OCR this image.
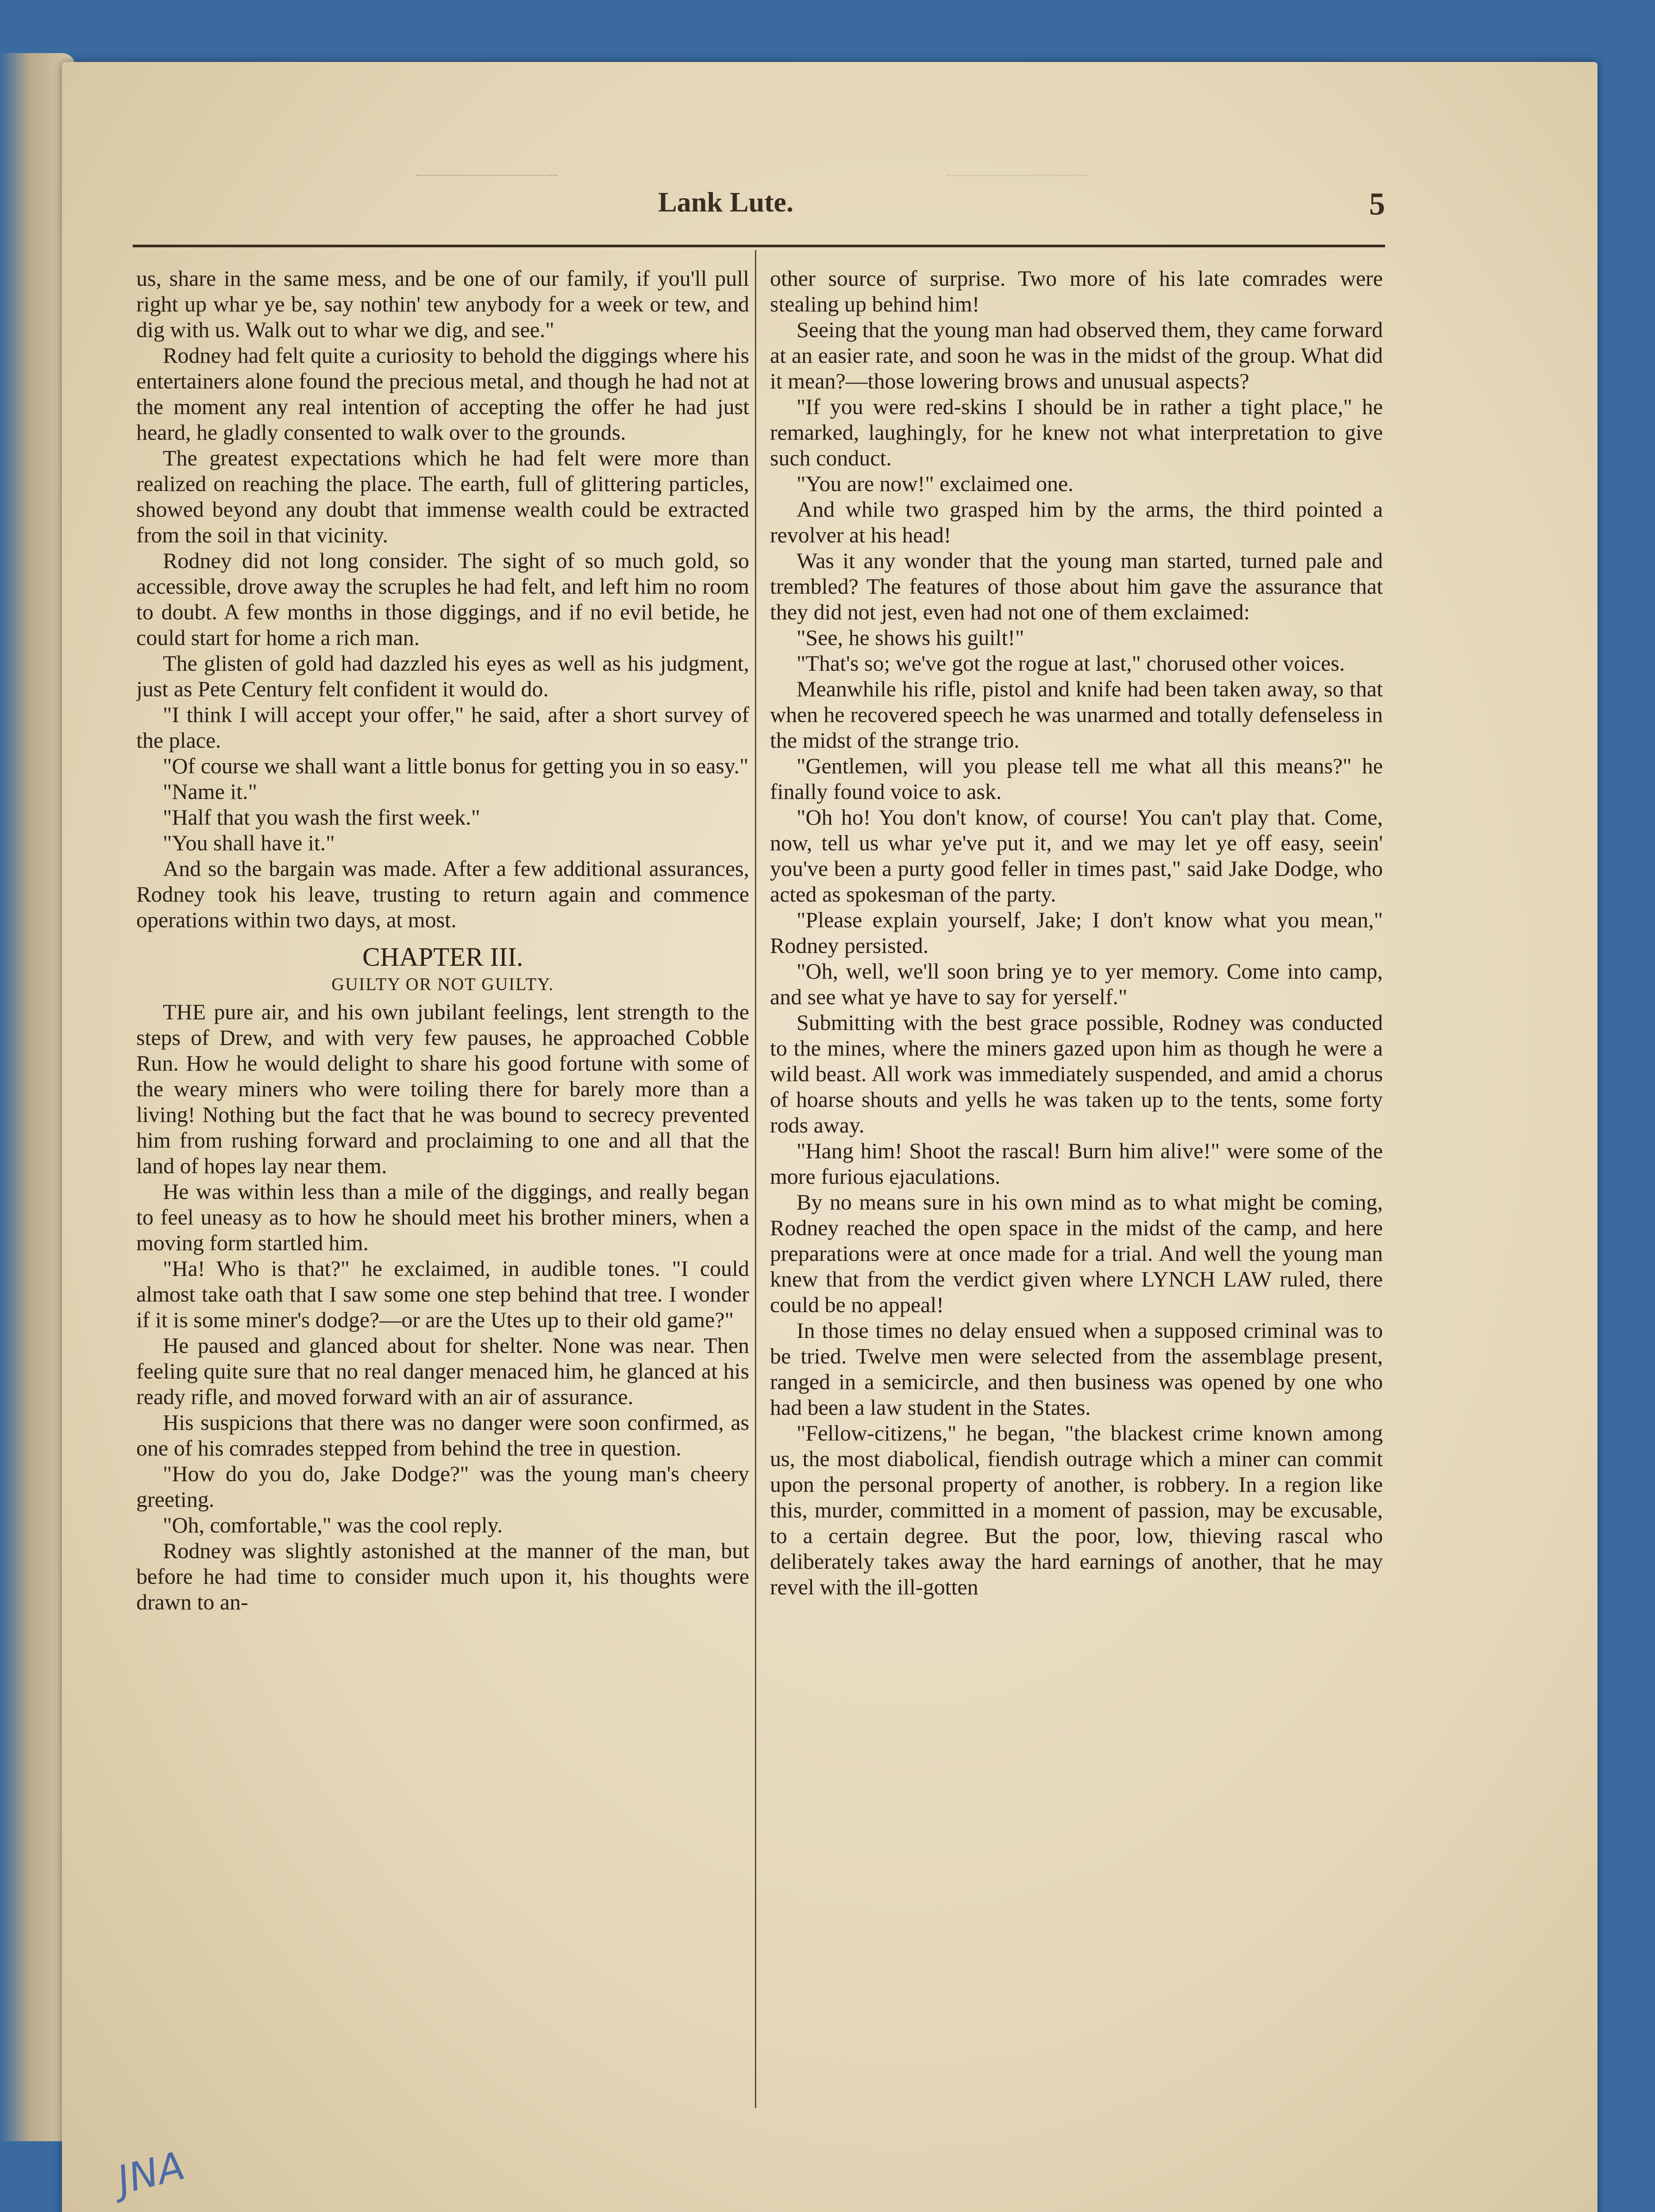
Lank Lute.	5

us, share in the same mess, and be one of our family, if you'll pull right up whar ye be, say nothin' tew anybody for a week or tew, and dig with us. Walk out to whar we dig, and see."

Rodney had felt quite a curiosity to behold the diggings where his entertainers alone found the precious metal, and though he had not at the moment any real intention of accepting the offer he had just heard, he gladly consented to walk over to the grounds.

The greatest expectations which he had felt were more than realized on reaching the place. The earth, full of glittering particles, showed beyond any doubt that immense wealth could be extracted from the soil in that vicinity.

Rodney did not long consider. The sight of so much gold, so accessible, drove away the scruples he had felt, and left him no room to doubt. A few months in those diggings, and if no evil betide, he could start for home a rich man.

The glisten of gold had dazzled his eyes as well as his judgment, just as Pete Century felt confident it would do.

"I think I will accept your offer," he said, after a short survey of the place.

"Of course we shall want a little bonus for getting you in so easy."

"Name it."

"Half that you wash the first week."

"You shall have it."

And so the bargain was made. After a few additional assurances, Rodney took his leave, trusting to return again and commence operations within two days, at most.

CHAPTER III.
GUILTY OR NOT GUILTY.

THE pure air, and his own jubilant feelings, lent strength to the steps of Drew, and with very few pauses, he approached Cobble Run. How he would delight to share his good fortune with some of the weary miners who were toiling there for barely more than a living! Nothing but the fact that he was bound to secrecy prevented him from rushing forward and proclaiming to one and all that the land of hopes lay near them.

He was within less than a mile of the diggings, and really began to feel uneasy as to how he should meet his brother miners, when a moving form startled him.

"Ha! Who is that?" he exclaimed, in audible tones. "I could almost take oath that I saw some one step behind that tree. I wonder if it is some miner's dodge?—or are the Utes up to their old game?"

He paused and glanced about for shelter. None was near. Then feeling quite sure that no real danger menaced him, he glanced at his ready rifle, and moved forward with an air of assurance.

His suspicions that there was no danger were soon confirmed, as one of his comrades stepped from behind the tree in question.

"How do you do, Jake Dodge?" was the young man's cheery greeting.

"Oh, comfortable," was the cool reply.

Rodney was slightly astonished at the manner of the man, but before he had time to consider much upon it, his thoughts were drawn to an-

other source of surprise. Two more of his late comrades were stealing up behind him!

Seeing that the young man had observed them, they came forward at an easier rate, and soon he was in the midst of the group. What did it mean?—those lowering brows and unusual aspects?

"If you were red-skins I should be in rather a tight place," he remarked, laughingly, for he knew not what interpretation to give such conduct.

"You are now!" exclaimed one.

And while two grasped him by the arms, the third pointed a revolver at his head!

Was it any wonder that the young man started, turned pale and trembled? The features of those about him gave the assurance that they did not jest, even had not one of them exclaimed:

"See, he shows his guilt!"

"That's so; we've got the rogue at last," chorused other voices.

Meanwhile his rifle, pistol and knife had been taken away, so that when he recovered speech he was unarmed and totally defenseless in the midst of the strange trio.

"Gentlemen, will you please tell me what all this means?" he finally found voice to ask.

"Oh ho! You don't know, of course! You can't play that. Come, now, tell us whar ye've put it, and we may let ye off easy, seein' you've been a purty good feller in times past," said Jake Dodge, who acted as spokesman of the party.

"Please explain yourself, Jake; I don't know what you mean," Rodney persisted.

"Oh, well, we'll soon bring ye to yer memory. Come into camp, and see what ye have to say for yerself."

Submitting with the best grace possible, Rodney was conducted to the mines, where the miners gazed upon him as though he were a wild beast. All work was immediately suspended, and amid a chorus of hoarse shouts and yells he was taken up to the tents, some forty rods away.

"Hang him! Shoot the rascal! Burn him alive!" were some of the more furious ejaculations.

By no means sure in his own mind as to what might be coming, Rodney reached the open space in the midst of the camp, and here preparations were at once made for a trial. And well the young man knew that from the verdict given where LYNCH LAW ruled, there could be no appeal!

In those times no delay ensued when a supposed criminal was to be tried. Twelve men were selected from the assemblage present, ranged in a semicircle, and then business was opened by one who had been a law student in the States.

"Fellow-citizens," he began, "the blackest crime known among us, the most diabolical, fiendish outrage which a miner can commit upon the personal property of another, is robbery. In a region like this, murder, committed in a moment of passion, may be excusable, to a certain degree. But the poor, low, thieving rascal who deliberately takes away the hard earnings of another, that he may revel with the ill-gotten

JNA
